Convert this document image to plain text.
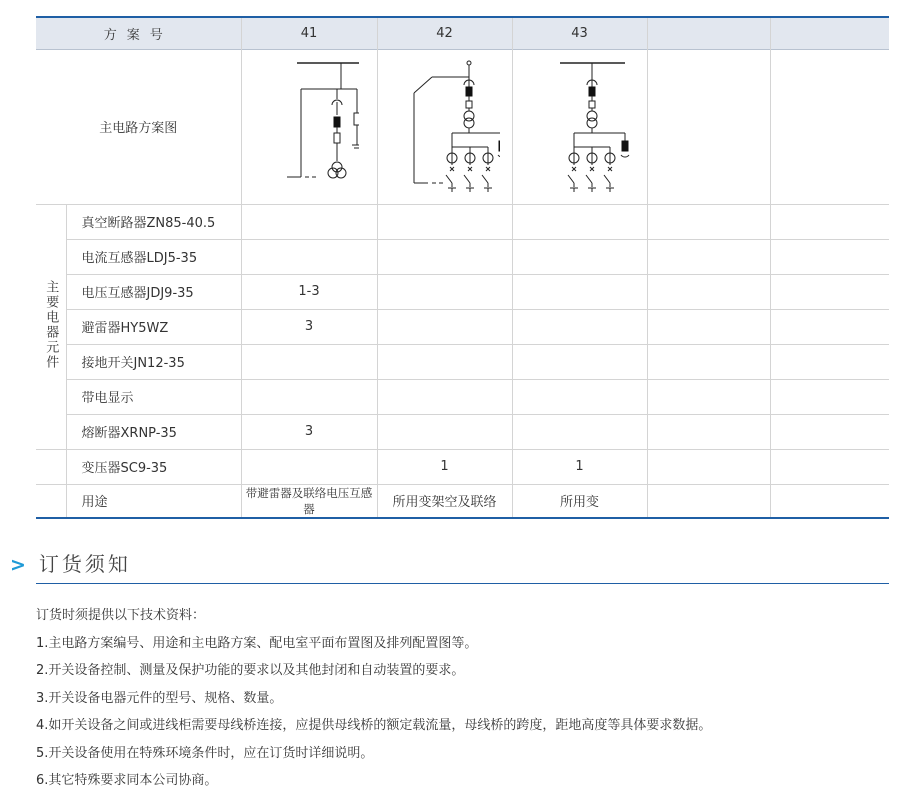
方案号		41	42	43		
主电路方案图	

主要电器元件	真空断路器ZN85-40.5					
	电流互感器LDJ5-35					
	电压互感器JDJ9-35	1-3				
	避雷器HY5WZ	3				
	接地开关JN12-35					
	带电显示					
	熔断器XRNP-35	3				
	变压器SC9-35		1	1		
	用途	带避雷器及联络电压互感器	所用变架空及联络	所用变		
> 订货须知
订货时须提供以下技术资料：
1.主电路方案编号、用途和主电路方案、配电室平面布置图及排列配置图等。
2.开关设备控制、测量及保护功能的要求以及其他封闭和自动装置的要求。
3.开关设备电器元件的型号、规格、数量。
4.如开关设备之间或进线柜需要母线桥连接，应提供母线桥的额定载流量，母线桥的跨度，距地高度等具体要求数据。
5.开关设备使用在特殊环境条件时，应在订货时详细说明。
6.其它特殊要求同本公司协商。
